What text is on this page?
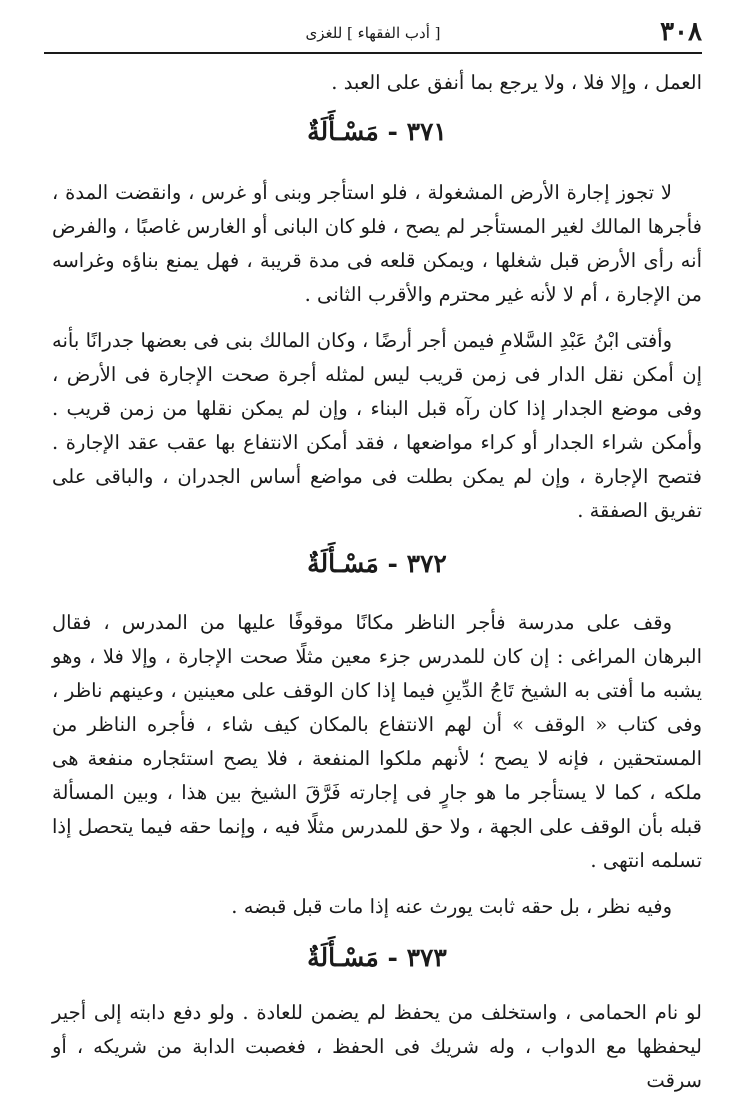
٣٠٨
[ أدب الفقهاء ] للغزى

العمل ، وإلا فلا ، ولا يرجع بما أنفق على العبد .

٣٧١ - مَسْـأَلَةٌ

لا تجوز إجارة الأرض المشغولة ، فلو استأجر وبنى أو غرس ، وانقضت المدة ، فأجرها المالك لغير المستأجر لم يصح ، فلو كان البانى أو الغارس غاصبًا ، والفرض أنه رأى الأرض قبل شغلها ، ويمكن قلعه فى مدة قريبة ، فهل يمنع بناؤه وغراسه من الإجارة ، أم لا لأنه غير محترم والأقرب الثانى .

وأفتى ابْنُ عَبْدِ السَّلامِ فيمن أجر أرضًا ، وكان المالك بنى فى بعضها جدرانًا بأنه إن أمكن نقل الدار فى زمن قريب ليس لمثله أجرة صحت الإجارة فى الأرض ، وفى موضع الجدار إذا كان رآه قبل البناء ، وإن لم يمكن نقلها من زمن قريب . وأمكن شراء الجدار أو كراء مواضعها ، فقد أمكن الانتفاع بها عقب عقد الإجارة . فتصح الإجارة ، وإن لم يمكن بطلت فى مواضع أساس الجدران ، والباقى على تفريق الصفقة .

٣٧٢ - مَسْـأَلَةٌ

وقف على مدرسة فأجر الناظر مكانًا موقوفًا عليها من المدرس ، فقال البرهان المراغى : إن كان للمدرس جزء معين مثلًا صحت الإجارة ، وإلا فلا ، وهو يشبه ما أفتى به الشيخ تَاجُ الدِّينِ فيما إذا كان الوقف على معينين ، وعينهم ناظر ، وفى كتاب « الوقف » أن لهم الانتفاع بالمكان كيف شاء ، فأجره الناظر من المستحقين ، فإنه لا يصح ؛ لأنهم ملكوا المنفعة ، فلا يصح استئجاره منفعة هى ملكه ، كما لا يستأجر ما هو جارٍ فى إجارته فَرَّقَ الشيخ بين هذا ، وبين المسألة قبله بأن الوقف على الجهة ، ولا حق للمدرس مثلًا فيه ، وإنما حقه فيما يتحصل إذا تسلمه انتهى .

وفيه نظر ، بل حقه ثابت يورث عنه إذا مات قبل قبضه .

٣٧٣ - مَسْـأَلَةٌ

لو نام الحمامى ، واستخلف من يحفظ لم يضمن للعادة . ولو دفع دابته إلى أجير ليحفظها مع الدواب ، وله شريك فى الحفظ ، فغصبت الدابة من شريكه ، أو سرقت
